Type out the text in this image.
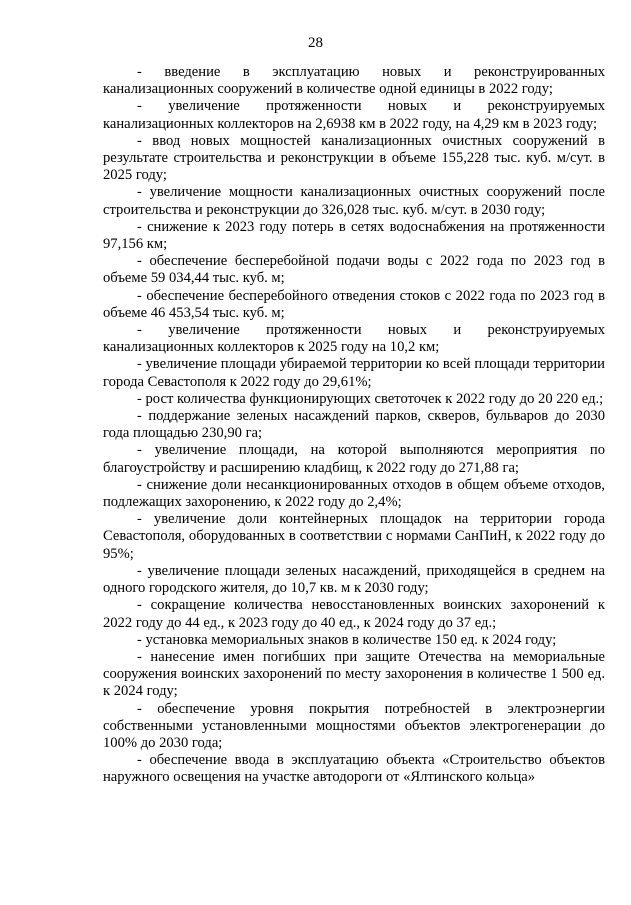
28

- введение в эксплуатацию новых и реконструированных канализационных сооружений в количестве одной единицы в 2022 году;

- увеличение протяженности новых и реконструируемых канализационных коллекторов на 2,6938 км в 2022 году, на 4,29 км в 2023 году;

- ввод новых мощностей канализационных очистных сооружений в результате строительства и реконструкции в объеме 155,228 тыс. куб. м/сут. в 2025 году;

- увеличение мощности канализационных очистных сооружений после строительства и реконструкции до 326,028 тыс. куб. м/сут. в 2030 году;

- снижение к 2023 году потерь в сетях водоснабжения на протяженности 97,156 км;

- обеспечение бесперебойной подачи воды с 2022 года по 2023 год в объеме 59 034,44 тыс. куб. м;

- обеспечение бесперебойного отведения стоков с 2022 года по 2023 год в объеме 46 453,54 тыс. куб. м;

- увеличение протяженности новых и реконструируемых канализационных коллекторов к 2025 году на 10,2 км;

- увеличение площади убираемой территории ко всей площади территории города Севастополя к 2022 году до 29,61%;

- рост количества функционирующих светоточек к 2022 году до 20 220 ед.;

- поддержание зеленых насаждений парков, скверов, бульваров до 2030 года площадью 230,90 га;

- увеличение площади, на которой выполняются мероприятия по благоустройству и расширению кладбищ, к 2022 году до 271,88 га;

- снижение доли несанкционированных отходов в общем объеме отходов, подлежащих захоронению, к 2022 году до 2,4%;

- увеличение доли контейнерных площадок на территории города Севастополя, оборудованных в соответствии с нормами СанПиН, к 2022 году до 95%;

- увеличение площади зеленых насаждений, приходящейся в среднем на одного городского жителя, до 10,7 кв. м к 2030 году;

- сокращение количества невосстановленных воинских захоронений к 2022 году до 44 ед., к 2023 году до 40 ед., к 2024 году до 37 ед.;

- установка мемориальных знаков в количестве 150 ед. к 2024 году;

- нанесение имен погибших при защите Отечества на мемориальные сооружения воинских захоронений по месту захоронения в количестве 1 500 ед. к 2024 году;

- обеспечение уровня покрытия потребностей в электроэнергии собственными установленными мощностями объектов электрогенерации до 100% до 2030 года;

- обеспечение ввода в эксплуатацию объекта «Строительство объектов наружного освещения на участке автодороги от «Ялтинского кольца»
